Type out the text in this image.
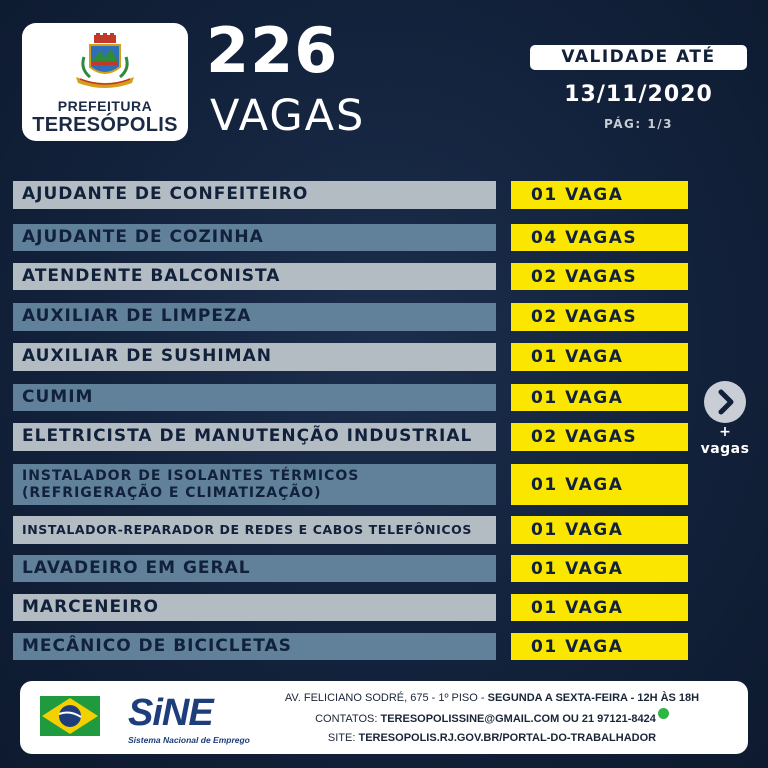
PREFEITURA
TERESÓPOLIS
226
VAGAS
VALIDADE ATÉ
13/11/2020
PÁG: 1/3
AJUDANTE DE CONFEITEIRO	01 VAGA
AJUDANTE DE COZINHA	04 VAGAS
ATENDENTE BALCONISTA	02 VAGAS
AUXILIAR DE LIMPEZA	02 VAGAS
AUXILIAR DE SUSHIMAN	01 VAGA
CUMIM	01 VAGA
ELETRICISTA DE MANUTENÇÃO INDUSTRIAL	02 VAGAS
INSTALADOR DE ISOLANTES TÉRMICOS
(REFRIGERAÇÃO E CLIMATIZAÇÃO)	01 VAGA
INSTALADOR-REPARADOR DE REDES E CABOS TELEFÔNICOS	01 VAGA
LAVADEIRO EM GERAL	01 VAGA
MARCENEIRO	01 VAGA
MECÂNICO DE BICICLETAS	01 VAGA
+
vagas
SiNE
Sistema Nacional de Emprego
AV. FELICIANO SODRÉ, 675 - 1º PISO - SEGUNDA A SEXTA-FEIRA - 12H ÀS 18H
CONTATOS: TERESOPOLISSINE@GMAIL.COM OU 21 97121-8424
SITE: TERESOPOLIS.RJ.GOV.BR/PORTAL-DO-TRABALHADOR
